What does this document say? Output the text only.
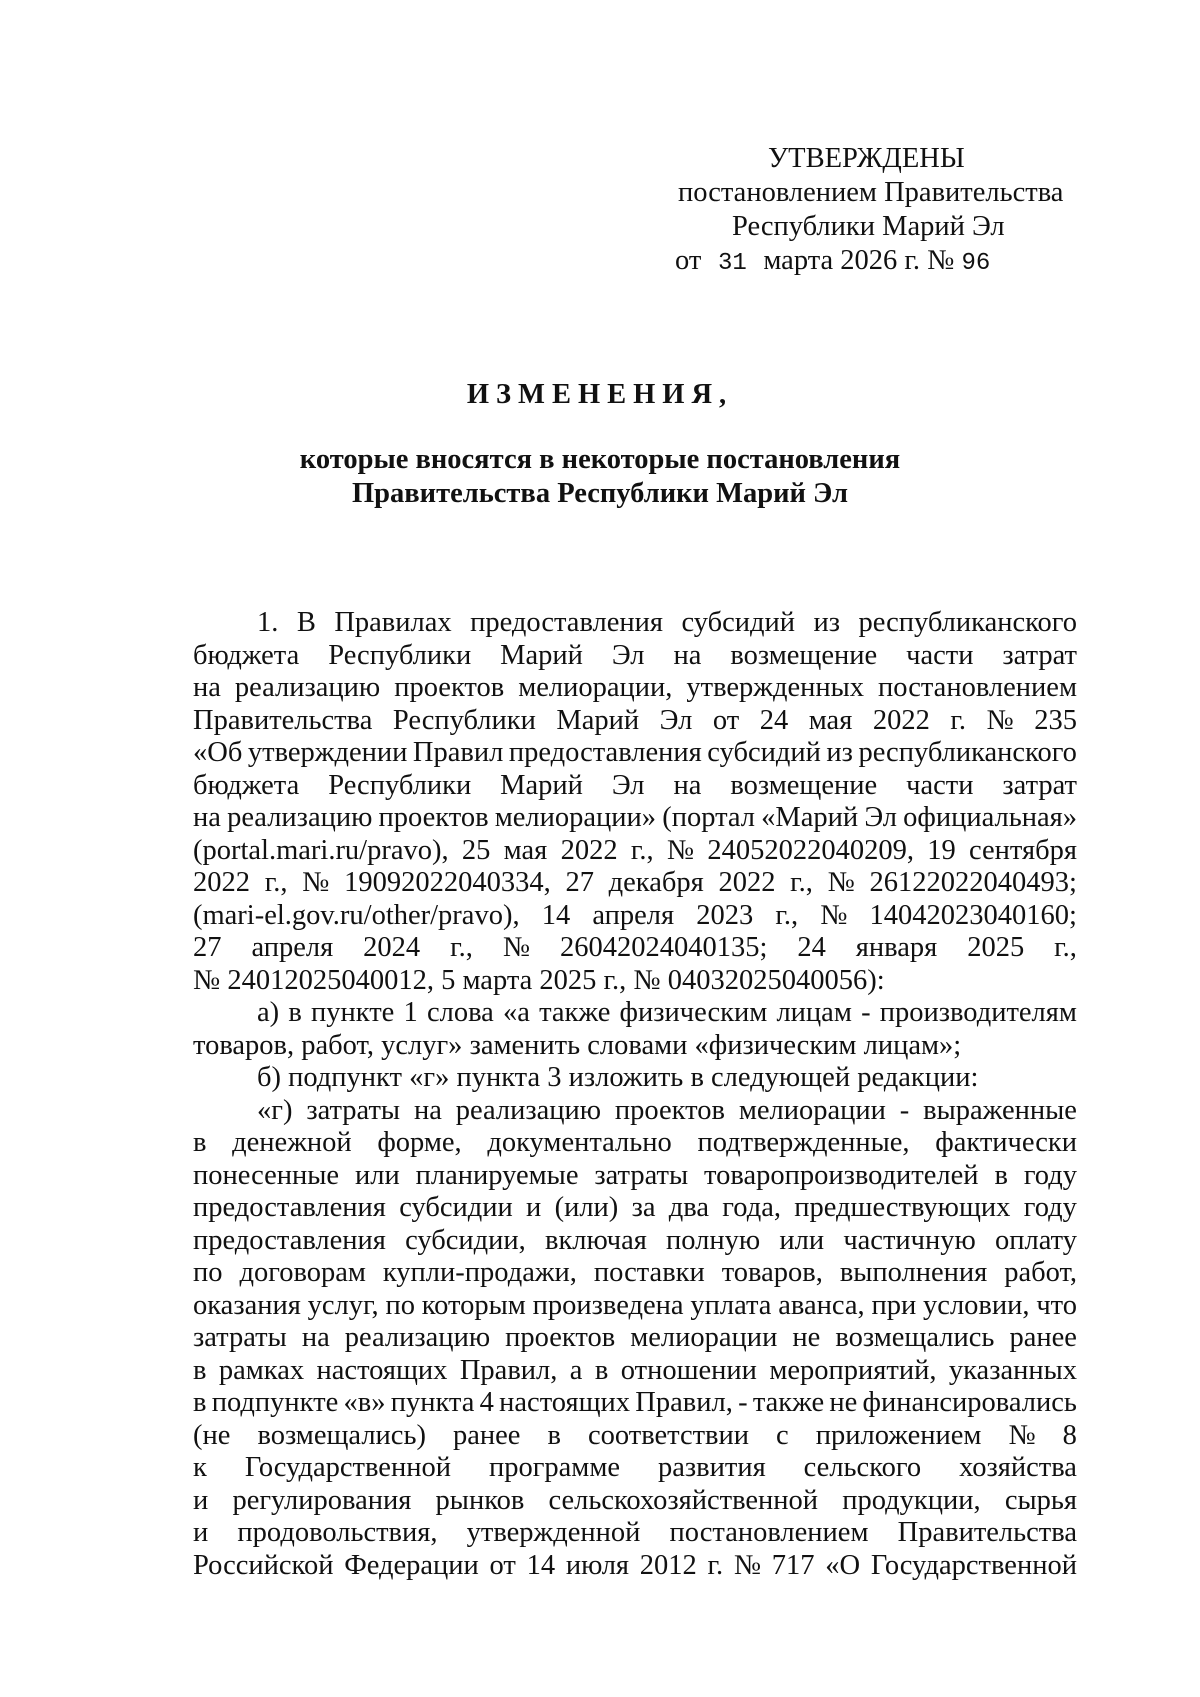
УТВЕРЖДЕНЫ
постановлением Правительства
Республики Марий Эл
от 31 марта 2026 г. № 96
ИЗМЕНЕНИЯ,
которые вносятся в некоторые постановления
Правительства Республики Марий Эл
1. В Правилах предоставления субсидий из республиканского
бюджета Республики Марий Эл на возмещение части затрат
на реализацию проектов мелиорации, утвержденных постановлением
Правительства Республики Марий Эл от 24 мая 2022 г. № 235
«Об утверждении Правил предоставления субсидий из республиканского
бюджета Республики Марий Эл на возмещение части затрат
на реализацию проектов мелиорации» (портал «Марий Эл официальная»
(portal.mari.ru/pravo), 25 мая 2022 г., № 24052022040209, 19 сентября
2022 г., № 19092022040334, 27 декабря 2022 г., № 26122022040493;
(mari-el.gov.ru/other/pravo), 14 апреля 2023 г., № 14042023040160;
27 апреля 2024 г., № 26042024040135; 24 января 2025 г.,
№ 24012025040012, 5 марта 2025 г., № 04032025040056):
а) в пункте 1 слова «а также физическим лицам - производителям
товаров, работ, услуг» заменить словами «физическим лицам»;
б) подпункт «г» пункта 3 изложить в следующей редакции:
«г) затраты на реализацию проектов мелиорации - выраженные
в денежной форме, документально подтвержденные, фактически
понесенные или планируемые затраты товаропроизводителей в году
предоставления субсидии и (или) за два года, предшествующих году
предоставления субсидии, включая полную или частичную оплату
по договорам купли-продажи, поставки товаров, выполнения работ,
оказания услуг, по которым произведена уплата аванса, при условии, что
затраты на реализацию проектов мелиорации не возмещались ранее
в рамках настоящих Правил, а в отношении мероприятий, указанных
в подпункте «в» пункта 4 настоящих Правил, - также не финансировались
(не возмещались) ранее в соответствии с приложением № 8
к Государственной программе развития сельского хозяйства
и регулирования рынков сельскохозяйственной продукции, сырья
и продовольствия, утвержденной постановлением Правительства
Российской Федерации от 14 июля 2012 г. № 717 «О Государственной
